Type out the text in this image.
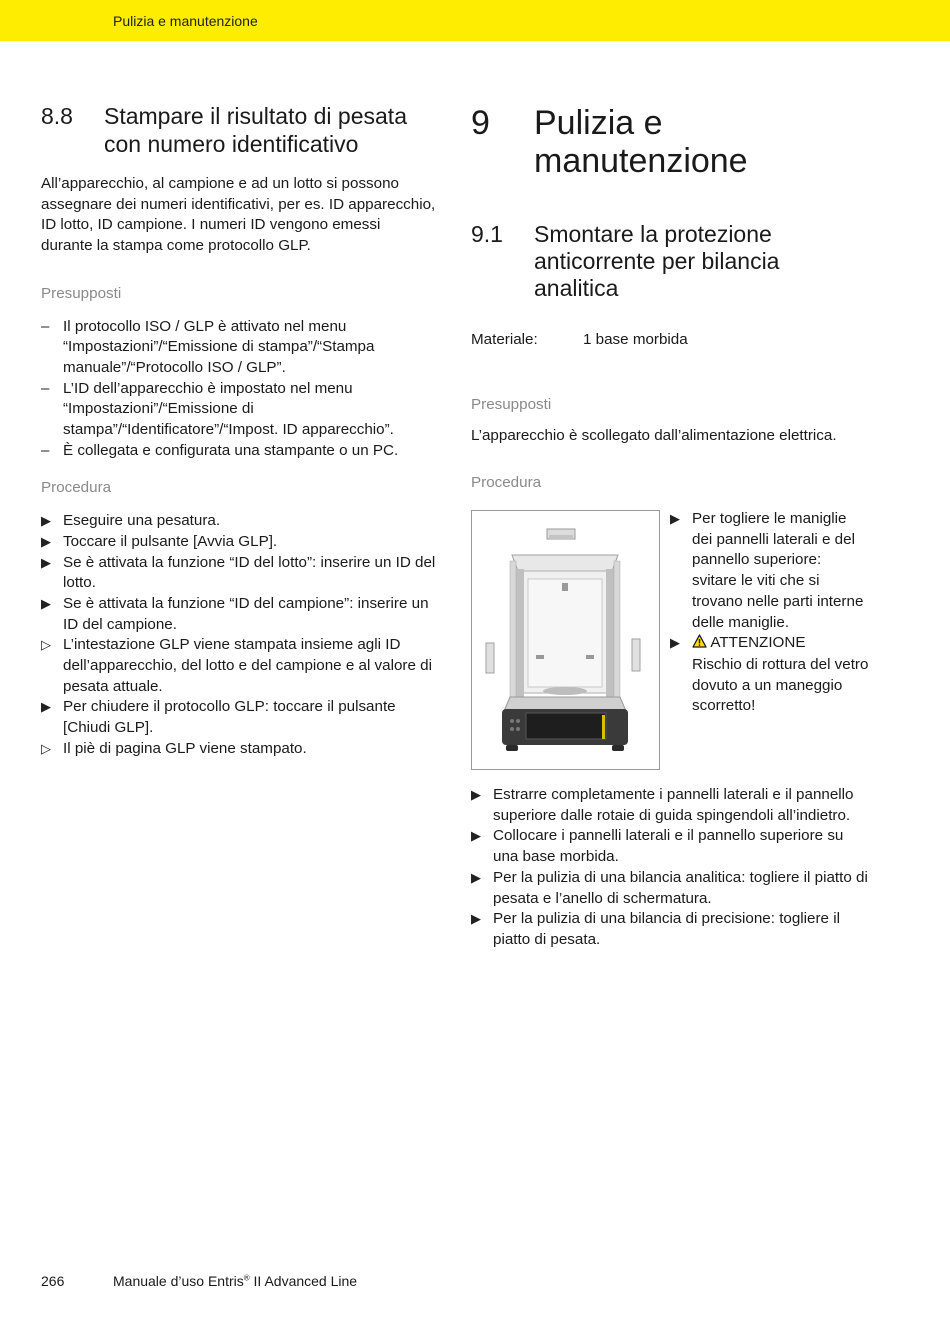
Pulizia e manutenzione
8.8	Stampare il risultato di pesata con numero identificativo

All’apparecchio, al campione e ad un lotto si possono assegnare dei numeri identificativi, per es. ID apparecchio, ID lotto, ID campione. I numeri ID vengono emessi durante la stampa come protocollo GLP.

Presupposti

– Il protocollo ISO / GLP è attivato nel menu “Impostazioni”/“Emissione di stampa”/“Stampa manuale”/“Protocollo ISO / GLP”.
– L’ID dell’apparecchio è impostato nel menu “Impostazioni”/“Emissione di stampa”/“Identificatore”/“Impost. ID apparecchio”.
– È collegata e configurata una stampante o un PC.

Procedura

▶ Eseguire una pesatura.
▶ Toccare il pulsante [Avvia GLP].
▶ Se è attivata la funzione “ID del lotto”: inserire un ID del lotto.
▶ Se è attivata la funzione “ID del campione”: inserire un ID del campione.
▷ L’intestazione GLP viene stampata insieme agli ID dell’apparecchio, del lotto e del campione e al valore di pesata attuale.
▶ Per chiudere il protocollo GLP: toccare il pulsante [Chiudi GLP].
▷ Il piè di pagina GLP viene stampato.
9	Pulizia e manutenzione
9.1	Smontare la protezione anticorrente per bilancia analitica
Materiale:	1 base morbida

Presupposti

L’apparecchio è scollegato dall’alimentazione elettrica.

Procedura

▶ Per togliere le maniglie dei pannelli laterali e del pannello superiore: svitare le viti che si trovano nelle parti interne delle maniglie.
▶	ATTENZIONE
Rischio di rottura del vetro dovuto a un maneggio scorretto!
▶ Estrarre completamente i pannelli laterali e il pannello superiore dalle rotaie di guida spingendoli all’indietro.
▶ Collocare i pannelli laterali e il pannello superiore su una base morbida.
▶ Per la pulizia di una bilancia analitica: togliere il piatto di pesata e l’anello di schermatura.
▶ Per la pulizia di una bilancia di precisione: togliere il piatto di pesata.
266	Manuale d’uso Entris® II Advanced Line
